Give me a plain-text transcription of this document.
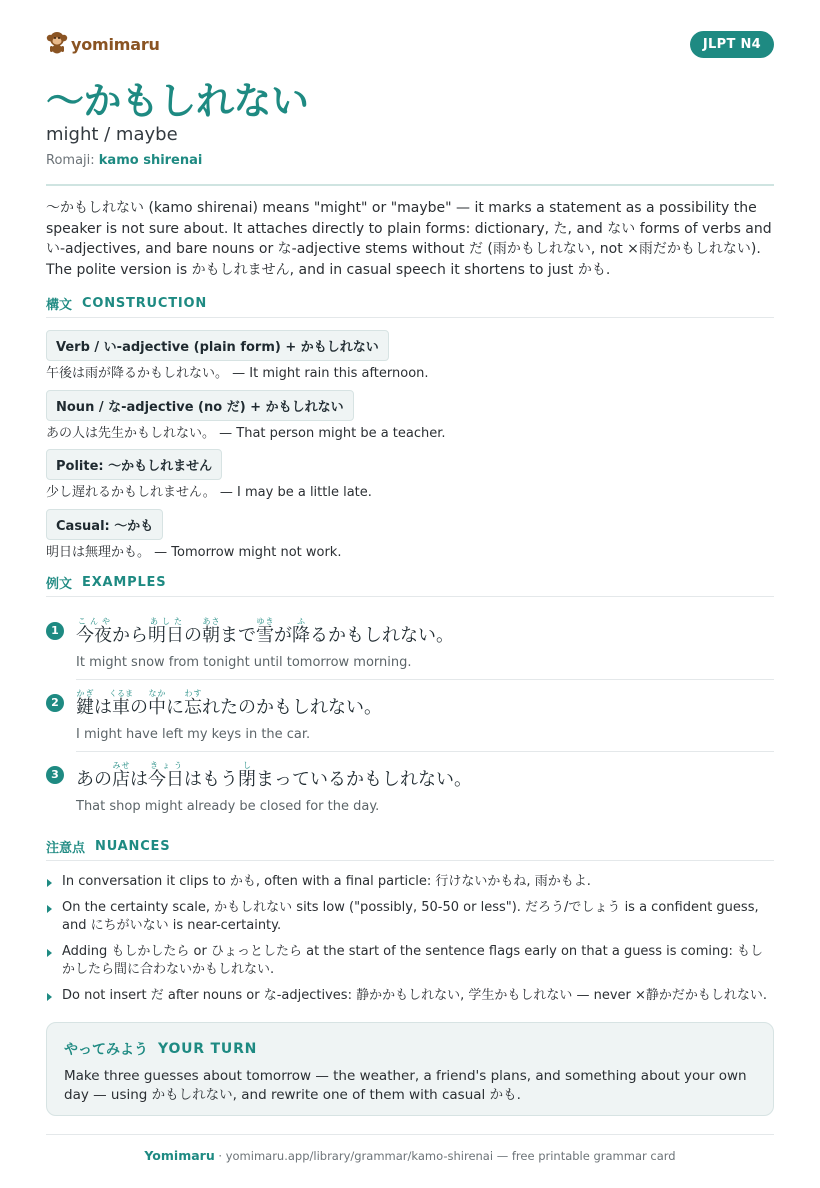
yomimaru	JLPT N4
〜かもしれない
might / maybe
Romaji: kamo shirenai
〜かもしれない (kamo shirenai) means "might" or "maybe" — it marks a statement as a possibility the speaker is not sure about. It attaches directly to plain forms: dictionary, た, and ない forms of verbs and い-adjectives, and bare nouns or な-adjective stems without だ (雨かもしれない, not ×雨だかもしれない). The polite version is かもしれません, and in casual speech it shortens to just かも.
構文 CONSTRUCTION
Verb / い-adjective (plain form) + かもしれない
午後は雨が降るかもしれない。 — It might rain this afternoon.
Noun / な-adjective (no だ) + かもしれない
あの人は先生かもしれない。 — That person might be a teacher.
Polite: 〜かもしれません
少し遅れるかもしれません。 — I may be a little late.
Casual: 〜かも
明日は無理かも。 — Tomorrow might not work.
例文 EXAMPLES
1 今夜こんやから明日あしたの朝あさまで雪ゆきが降ふるかもしれない。
It might snow from tonight until tomorrow morning.
2 鍵かぎは車くるまの中なかに忘わすれたのかもしれない。
I might have left my keys in the car.
3 あの店みせは今日きょうはもう閉しまっているかもしれない。
That shop might already be closed for the day.
注意点 NUANCES
In conversation it clips to かも, often with a final particle: 行けないかもね, 雨かもよ.
On the certainty scale, かもしれない sits low ("possibly, 50-50 or less"). だろう/でしょう is a confident guess, and にちがいない is near-certainty.
Adding もしかしたら or ひょっとしたら at the start of the sentence flags early on that a guess is coming: もしかしたら間に合わないかもしれない.
Do not insert だ after nouns or な-adjectives: 静かかもしれない, 学生かもしれない — never ×静かだかもしれない.
やってみよう YOUR TURN
Make three guesses about tomorrow — the weather, a friend's plans, and something about your own day — using かもしれない, and rewrite one of them with casual かも.
Yomimaru · yomimaru.app/library/grammar/kamo-shirenai — free printable grammar card
